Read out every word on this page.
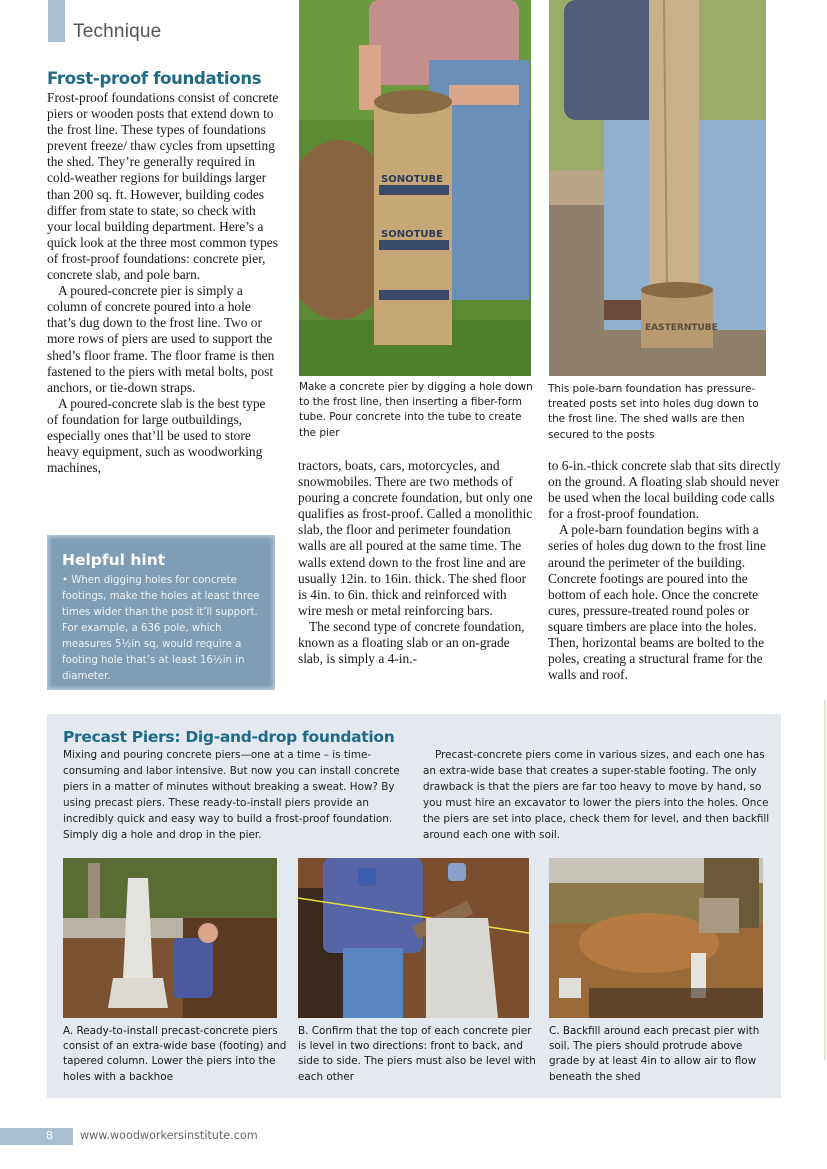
Technique
Frost-proof foundations

Frost-proof foundations consist of concrete piers or wooden posts that extend down to the frost line. These types of foundations prevent freeze/ thaw cycles from upsetting the shed. They’re generally required in cold-weather regions for buildings larger than 200 sq. ft. However, building codes differ from state to state, so check with your local building department. Here’s a quick look at the three most common types of frost-proof foundations: concrete pier, concrete slab, and pole barn.

A poured-concrete pier is simply a column of concrete poured into a hole that’s dug down to the frost line. Two or more rows of piers are used to support the shed’s floor frame. The floor frame is then fastened to the piers with metal bolts, post anchors, or tie-down straps.

A poured-concrete slab is the best type of foundation for large outbuildings, especially ones that’ll be used to store heavy equipment, such as woodworking machines,	tractors, boats, cars, motorcycles, and snowmobiles. There are two methods of pouring a concrete foundation, but only one qualifies as frost-proof. Called a monolithic slab, the floor and perimeter foundation walls are all poured at the same time. The walls extend down to the frost line and are usually 12in. to 16in. thick. The shed floor is 4in. to 6in. thick and reinforced with wire mesh or metal reinforcing bars.

The second type of concrete foundation, known as a floating slab or an on-grade slab, is simply a 4-in.-

to 6-in.-thick concrete slab that sits directly on the ground. A floating slab should never be used when the local building code calls for a frost-proof foundation.

A pole-barn foundation begins with a series of holes dug down to the frost line around the perimeter of the building. Concrete footings are poured into the bottom of each hole. Once the concrete cures, pressure-treated round poles or square timbers are place into the holes. Then, horizontal beams are bolted to the poles, creating a structural frame for the walls and roof.

Helpful hint
• When digging holes for concrete footings, make the holes at least three times wider than the post it’ll support. For example, a 636 pole, which measures 5½in sq, would require a footing hole that’s at least 16½in in diameter.
SONOTUBE
SONOTUBE
Make a concrete pier by digging a hole down to the frost line, then inserting a fiber-form tube. Pour concrete into the tube to create the pier
EASTERNTUBE
This pole-barn foundation has pressure-treated posts set into holes dug down to the frost line. The shed walls are then secured to the posts
Precast Piers: Dig-and-drop foundation
Mixing and pouring concrete piers—one at a time – is time-consuming and labor intensive. But now you can install concrete piers in a matter of minutes without breaking a sweat. How? By using precast piers. These ready-to-install piers provide an incredibly quick and easy way to build a frost-proof foundation. Simply dig a hole and drop in the pier.

Precast-concrete piers come in various sizes, and each one has an extra-wide base that creates a super-stable footing. The only drawback is that the piers are far too heavy to move by hand, so you must hire an excavator to lower the piers into the holes. Once the piers are set into place, check them for level, and then backfill around each one with soil.

A. Ready-to-install precast-concrete piers consist of an extra-wide base (footing) and tapered column. Lower the piers into the holes with a backhoe
B. Confirm that the top of each concrete pier is level in two directions: front to back, and side to side. The piers must also be level with each other
C. Backfill around each precast pier with soil. The piers should protrude above grade by at least 4in to allow air to flow beneath the shed
8 www.woodworkersinstitute.com
